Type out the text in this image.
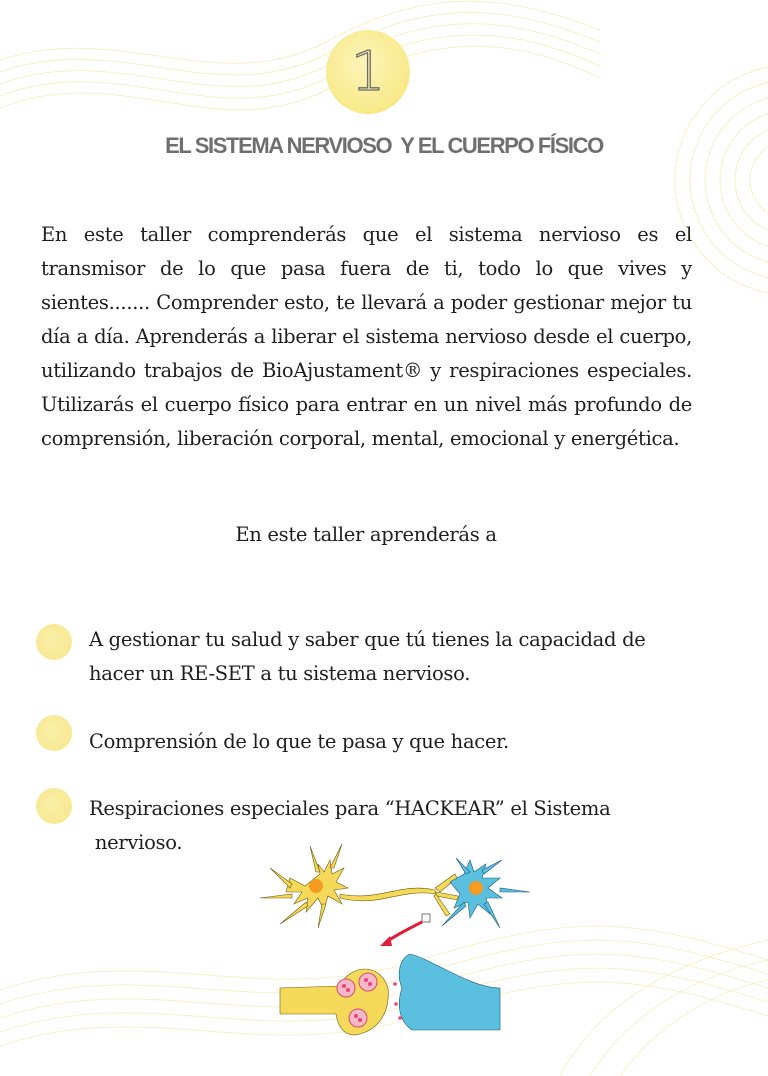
1
EL SISTEMA NERVIOSO  Y EL CUERPO FÍSICO

En este taller comprenderás que el sistema nervioso es el transmisor de lo que pasa fuera de ti, todo lo que vives y sientes....... Comprender esto, te llevará a poder gestionar mejor tu día a día. Aprenderás a liberar el sistema nervioso desde el cuerpo, utilizando trabajos de BioAjustament® y respiraciones especiales. Utilizarás el cuerpo físico para entrar en un nivel más profundo de comprensión, liberación corporal, mental, emocional y energética.

En este taller aprenderás a
A gestionar tu salud y saber que tú tienes la capacidad de
hacer un RE-SET a tu sistema nervioso.
Comprensión de lo que te pasa y que hacer.
Respiraciones especiales para “HACKEAR” el Sistema
nervioso.
